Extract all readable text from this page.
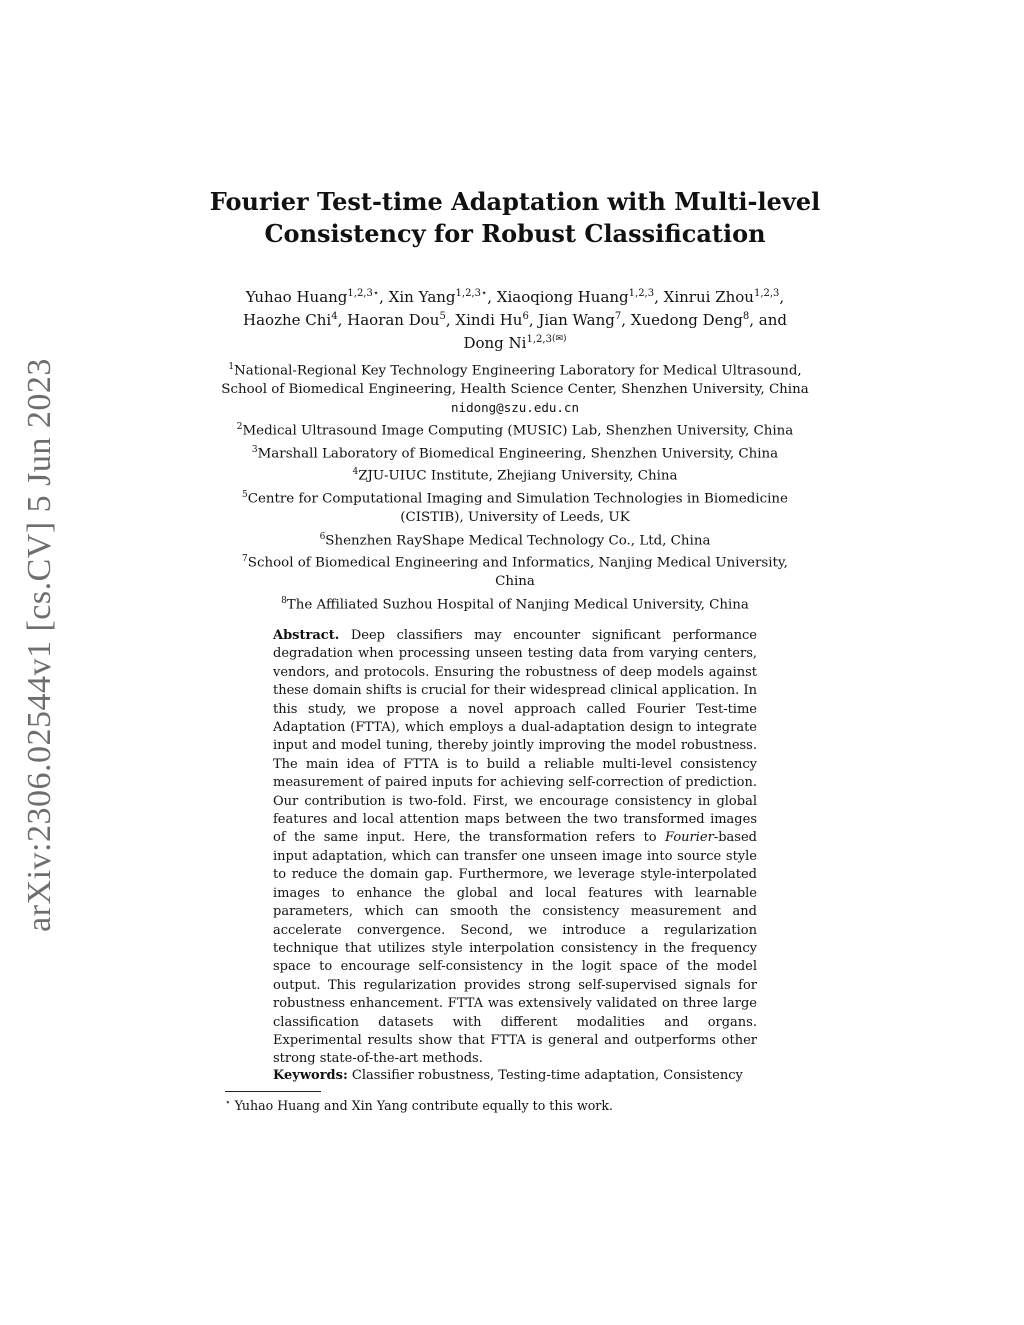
arXiv:2306.02544v1 [cs.CV] 5 Jun 2023
Fourier Test-time Adaptation with Multi-level
Consistency for Robust Classification
Yuhao Huang$^{1,2,3⋆}$, Xin Yang$^{1,2,3⋆}$, Xiaoqiong Huang$^{1,2,3}$, Xinrui Zhou$^{1,2,3}$,
Haozhe Chi$^4$, Haoran Dou$^5$, Xindi Hu$^6$, Jian Wang$^7$, Xuedong Deng$^8$, and
Dong $Ni^{1,2,3(✉)}$
$^1$National-Regional Key Technology Engineering Laboratory for Medical Ultrasound,
School of Biomedical Engineering, Health Science Center, Shenzhen University, China
nidong@szu.edu.cn
$^2$Medical Ultrasound Image Computing (MUSIC) Lab, Shenzhen University, China
$^3$Marshall Laboratory of Biomedical Engineering, Shenzhen University, China
$^4$ZJU-UIUC Institute, Zhejiang University, China
$^5$Centre for Computational Imaging and Simulation Technologies in Biomedicine
(CISTIB), University of Leeds, UK
$^6$Shenzhen RayShape Medical Technology Co., Ltd, China
$^7$School of Biomedical Engineering and Informatics, Nanjing Medical University,
China
$^8$The Affiliated Suzhou Hospital of Nanjing Medical University, China
Abstract. Deep classifiers may encounter significant performance degradation when processing unseen testing data from varying centers, vendors, and protocols. Ensuring the robustness of deep models against these domain shifts is crucial for their widespread clinical application. In this study, we propose a novel approach called Fourier Test-time Adaptation (FTTA), which employs a dual-adaptation design to integrate input and model tuning, thereby jointly improving the model robustness. The main idea of FTTA is to build a reliable multi-level consistency measurement of paired inputs for achieving self-correction of prediction. Our contribution is two-fold. First, we encourage consistency in global features and local attention maps between the two transformed images of the same input. Here, the transformation refers to Fourier-based input adaptation, which can transfer one unseen image into source style to reduce the domain gap. Furthermore, we leverage style-interpolated images to enhance the global and local features with learnable parameters, which can smooth the consistency measurement and accelerate convergence. Second, we introduce a regularization technique that utilizes style interpolation consistency in the frequency space to encourage self-consistency in the logit space of the model output. This regularization provides strong self-supervised signals for robustness enhancement. FTTA was extensively validated on three large classification datasets with different modalities and organs. Experimental results show that FTTA is general and outperforms other strong state-of-the-art methods.
Keywords: Classifier robustness, Testing-time adaptation, Consistency
⋆ Yuhao Huang and Xin Yang contribute equally to this work.
